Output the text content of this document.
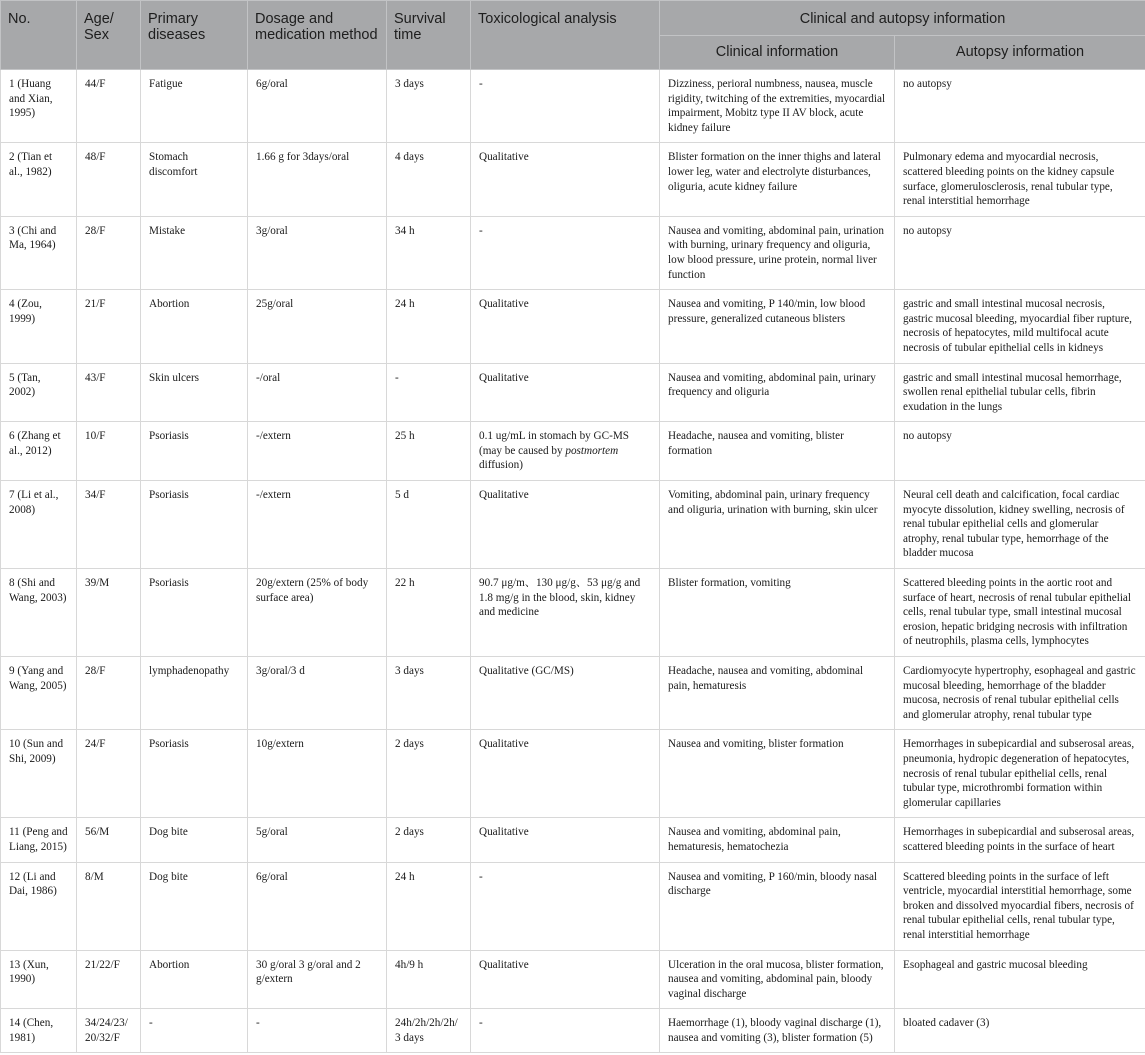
No.	Age/ Sex	Primary diseases	Dosage and medication method	Survival time	Toxicological analysis	Clinical and autopsy information	
						Clinical information	Autopsy information
1 (Huang and Xian, 1995)	44/F	Fatigue	6g/oral	3 days	-	Dizziness, perioral numbness, nausea, muscle rigidity, twitching of the extremities, myocardial impairment, Mobitz type II AV block, acute kidney failure	no autopsy
2 (Tian et al., 1982)	48/F	Stomach discomfort	1.66 g for 3days/oral	4 days	Qualitative	Blister formation on the inner thighs and lateral lower leg, water and electrolyte disturbances, oliguria, acute kidney failure	Pulmonary edema and myocardial necrosis, scattered bleeding points on the kidney capsule surface, glomerulosclerosis, renal tubular type, renal interstitial hemorrhage
3 (Chi and Ma, 1964)	28/F	Mistake	3g/oral	34 h	-	Nausea and vomiting, abdominal pain, urination with burning, urinary frequency and oliguria, low blood pressure, urine protein, normal liver function	no autopsy
4 (Zou, 1999)	21/F	Abortion	25g/oral	24 h	Qualitative	Nausea and vomiting, P 140/min, low blood pressure, generalized cutaneous blisters	gastric and small intestinal mucosal necrosis, gastric mucosal bleeding, myocardial fiber rupture, necrosis of hepatocytes, mild multifocal acute necrosis of tubular epithelial cells in kidneys
5 (Tan, 2002)	43/F	Skin ulcers	-/oral	-	Qualitative	Nausea and vomiting, abdominal pain, urinary frequency and oliguria	gastric and small intestinal mucosal hemorrhage, swollen renal epithelial tubular cells, fibrin exudation in the lungs
6 (Zhang et al., 2012)	10/F	Psoriasis	-/extern	25 h	0.1 ug/mL in stomach by GC-MS (may be caused by postmortem diffusion)	Headache, nausea and vomiting, blister formation	no autopsy
7 (Li et al., 2008)	34/F	Psoriasis	-/extern	5 d	Qualitative	Vomiting, abdominal pain, urinary frequency and oliguria, urination with burning, skin ulcer	Neural cell death and calcification, focal cardiac myocyte dissolution, kidney swelling, necrosis of renal tubular epithelial cells and glomerular atrophy, renal tubular type, hemorrhage of the bladder mucosa
8 (Shi and Wang, 2003)	39/M	Psoriasis	20g/extern (25% of body surface area)	22 h	90.7 μg/m、130 μg/g、53 μg/g and 1.8 mg/g in the blood, skin, kidney and medicine	Blister formation, vomiting	Scattered bleeding points in the aortic root and surface of heart, necrosis of renal tubular epithelial cells, renal tubular type, small intestinal mucosal erosion, hepatic bridging necrosis with infiltration of neutrophils, plasma cells, lymphocytes
9 (Yang and Wang, 2005)	28/F	lymphadenopathy	3g/oral/3 d	3 days	Qualitative (GC/MS)	Headache, nausea and vomiting, abdominal pain, hematuresis	Cardiomyocyte hypertrophy, esophageal and gastric mucosal bleeding, hemorrhage of the bladder mucosa, necrosis of renal tubular epithelial cells and glomerular atrophy, renal tubular type
10 (Sun and Shi, 2009)	24/F	Psoriasis	10g/extern	2 days	Qualitative	Nausea and vomiting, blister formation	Hemorrhages in subepicardial and subserosal areas, pneumonia, hydropic degeneration of hepatocytes, necrosis of renal tubular epithelial cells, renal tubular type, microthrombi formation within glomerular capillaries
11 (Peng and Liang, 2015)	56/M	Dog bite	5g/oral	2 days	Qualitative	Nausea and vomiting, abdominal pain, hematuresis, hematochezia	Hemorrhages in subepicardial and subserosal areas, scattered bleeding points in the surface of heart
12 (Li and Dai, 1986)	8/M	Dog bite	6g/oral	24 h	-	Nausea and vomiting, P 160/min, bloody nasal discharge	Scattered bleeding points in the surface of left ventricle, myocardial interstitial hemorrhage, some broken and dissolved myocardial fibers, necrosis of renal tubular epithelial cells, renal tubular type, renal interstitial hemorrhage
13 (Xun, 1990)	21/22/F	Abortion	30 g/oral 3 g/oral and 2 g/extern	4h/9 h	Qualitative	Ulceration in the oral mucosa, blister formation, nausea and vomiting, abdominal pain, bloody vaginal discharge	Esophageal and gastric mucosal bleeding
14 (Chen, 1981)	34/24/23/ 20/32/F	-	-	24h/2h/2h/2h/ 3 days	-	Haemorrhage (1), bloody vaginal discharge (1), nausea and vomiting (3), blister formation (5)	bloated cadaver (3)
